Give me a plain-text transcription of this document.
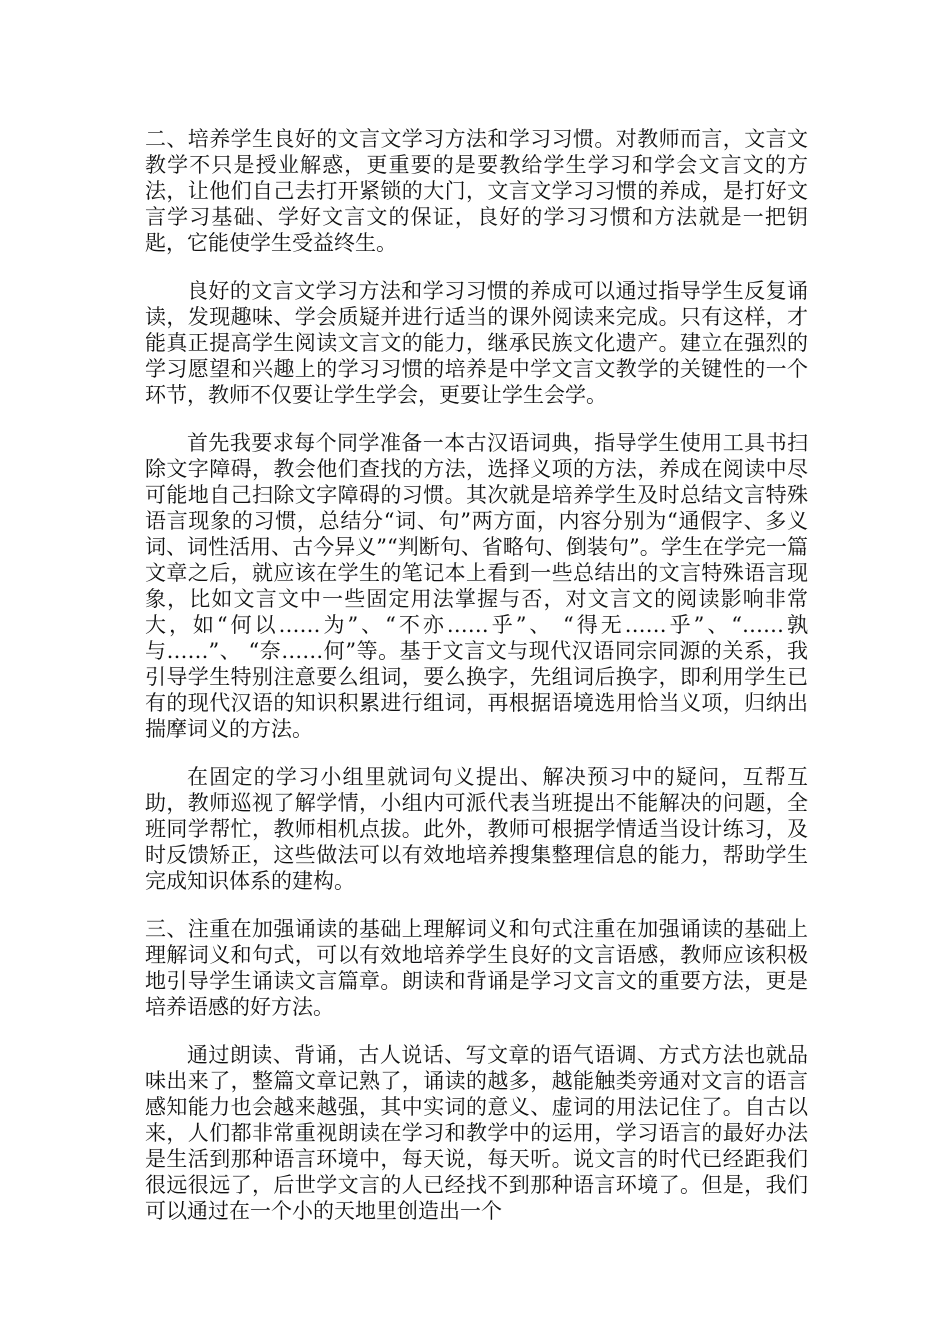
二、培养学生良好的文言文学习方法和学习习惯。对教师而言，文言文教学不只是授业解惑，更重要的是要教给学生学习和学会文言文的方法，让他们自己去打开紧锁的大门，文言文学习习惯的养成，是打好文言学习基础、学好文言文的保证，良好的学习习惯和方法就是一把钥匙，它能使学生受益终生。

良好的文言文学习方法和学习习惯的养成可以通过指导学生反复诵读，发现趣味、学会质疑并进行适当的课外阅读来完成。只有这样，才能真正提高学生阅读文言文的能力，继承民族文化遗产。建立在强烈的学习愿望和兴趣上的学习习惯的培养是中学文言文教学的关键性的一个环节，教师不仅要让学生学会，更要让学生会学。

首先我要求每个同学准备一本古汉语词典，指导学生使用工具书扫除文字障碍，教会他们查找的方法，选择义项的方法，养成在阅读中尽可能地自己扫除文字障碍的习惯。其次就是培养学生及时总结文言特殊语言现象的习惯，总结分“词、句”两方面，内容分别为“通假字、多义词、词性活用、古今异义”“判断句、省略句、倒装句”。学生在学完一篇文章之后，就应该在学生的笔记本上看到一些总结出的文言特殊语言现象，比如文言文中一些固定用法掌握与否，对文言文的阅读影响非常大，如“何以……为”、“不亦……乎”、 “得无……乎”、“……孰与……”、 “奈……何”等。基于文言文与现代汉语同宗同源的关系，我引导学生特别注意要么组词，要么换字，先组词后换字，即利用学生已有的现代汉语的知识积累进行组词，再根据语境选用恰当义项，归纳出揣摩词义的方法。

在固定的学习小组里就词句义提出、解决预习中的疑问，互帮互助，教师巡视了解学情，小组内可派代表当班提出不能解决的问题，全班同学帮忙，教师相机点拔。此外，教师可根据学情适当设计练习，及时反馈矫正，这些做法可以有效地培养搜集整理信息的能力，帮助学生完成知识体系的建构。

三、注重在加强诵读的基础上理解词义和句式注重在加强诵读的基础上理解词义和句式，可以有效地培养学生良好的文言语感，教师应该积极地引导学生诵读文言篇章。朗读和背诵是学习文言文的重要方法，更是培养语感的好方法。

通过朗读、背诵，古人说话、写文章的语气语调、方式方法也就品味出来了，整篇文章记熟了，诵读的越多，越能触类旁通对文言的语言感知能力也会越来越强，其中实词的意义、虚词的用法记住了。自古以来，人们都非常重视朗读在学习和教学中的运用，学习语言的最好办法是生活到那种语言环境中，每天说，每天听。说文言的时代已经距我们很远很远了，后世学文言的人已经找不到那种语言环境了。但是，我们可以通过在一个小的天地里创造出一个
